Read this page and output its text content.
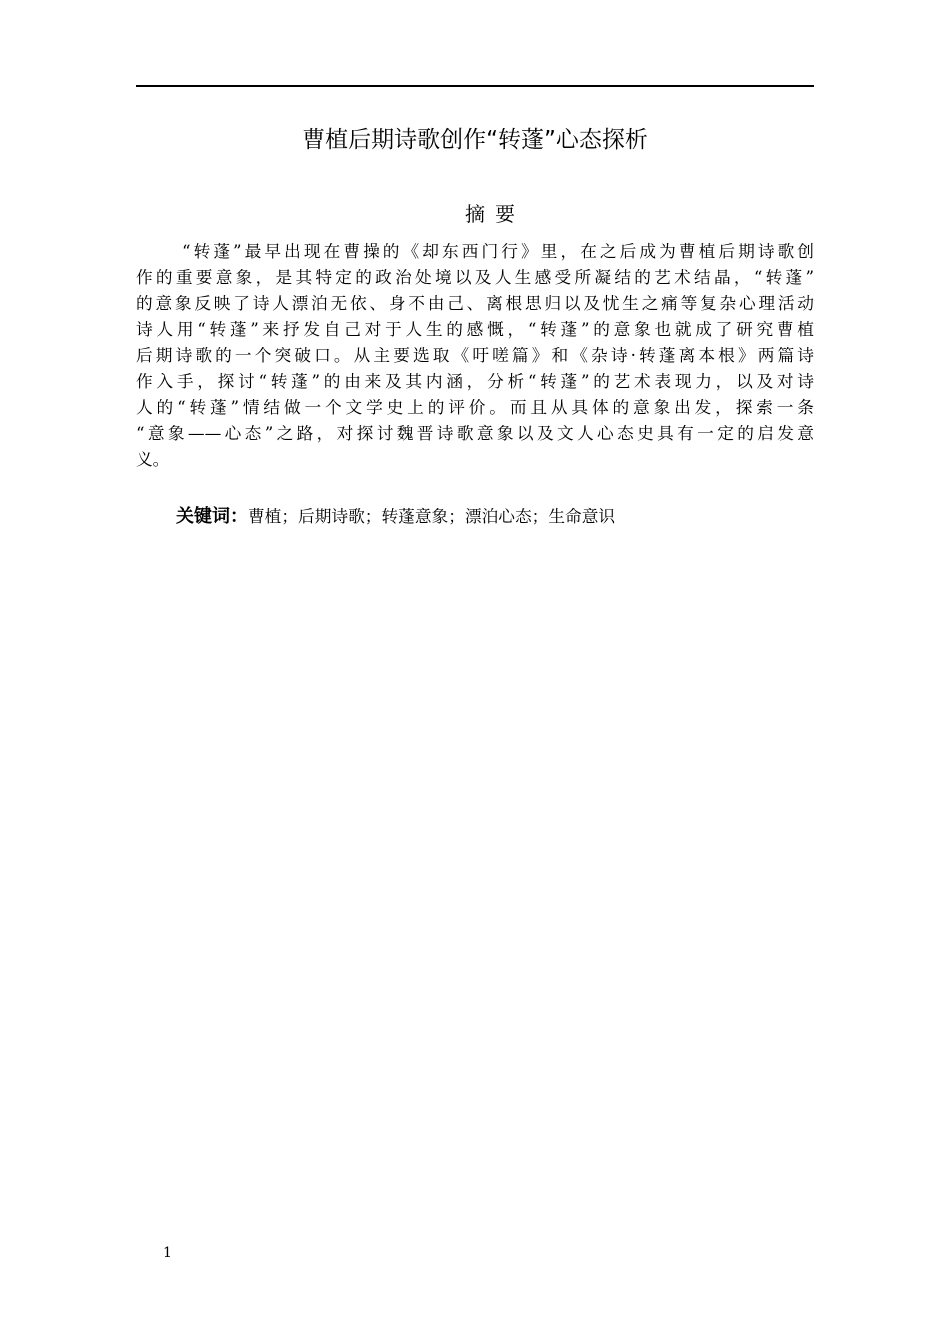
曹植后期诗歌创作“转蓬”心态探析
摘要
“转蓬”最早出现在曹操的《却东西门行》里，在之后成为曹植后期诗歌创
作的重要意象，是其特定的政治处境以及人生感受所凝结的艺术结晶，“转蓬”
的意象反映了诗人漂泊无依、身不由己、离根思归以及忧生之痛等复杂心理活动
诗人用“转蓬”来抒发自己对于人生的感慨，“转蓬”的意象也就成了研究曹植
后期诗歌的一个突破口。从主要选取《吁嗟篇》和《杂诗·转蓬离本根》两篇诗
作入手，探讨“转蓬”的由来及其内涵，分析“转蓬”的艺术表现力，以及对诗
人的“转蓬”情结做一个文学史上的评价。而且从具体的意象出发，探索一条
“意象——心态”之路，对探讨魏晋诗歌意象以及文人心态史具有一定的启发意
义。
关键词：曹植；后期诗歌；转蓬意象；漂泊心态；生命意识
1
